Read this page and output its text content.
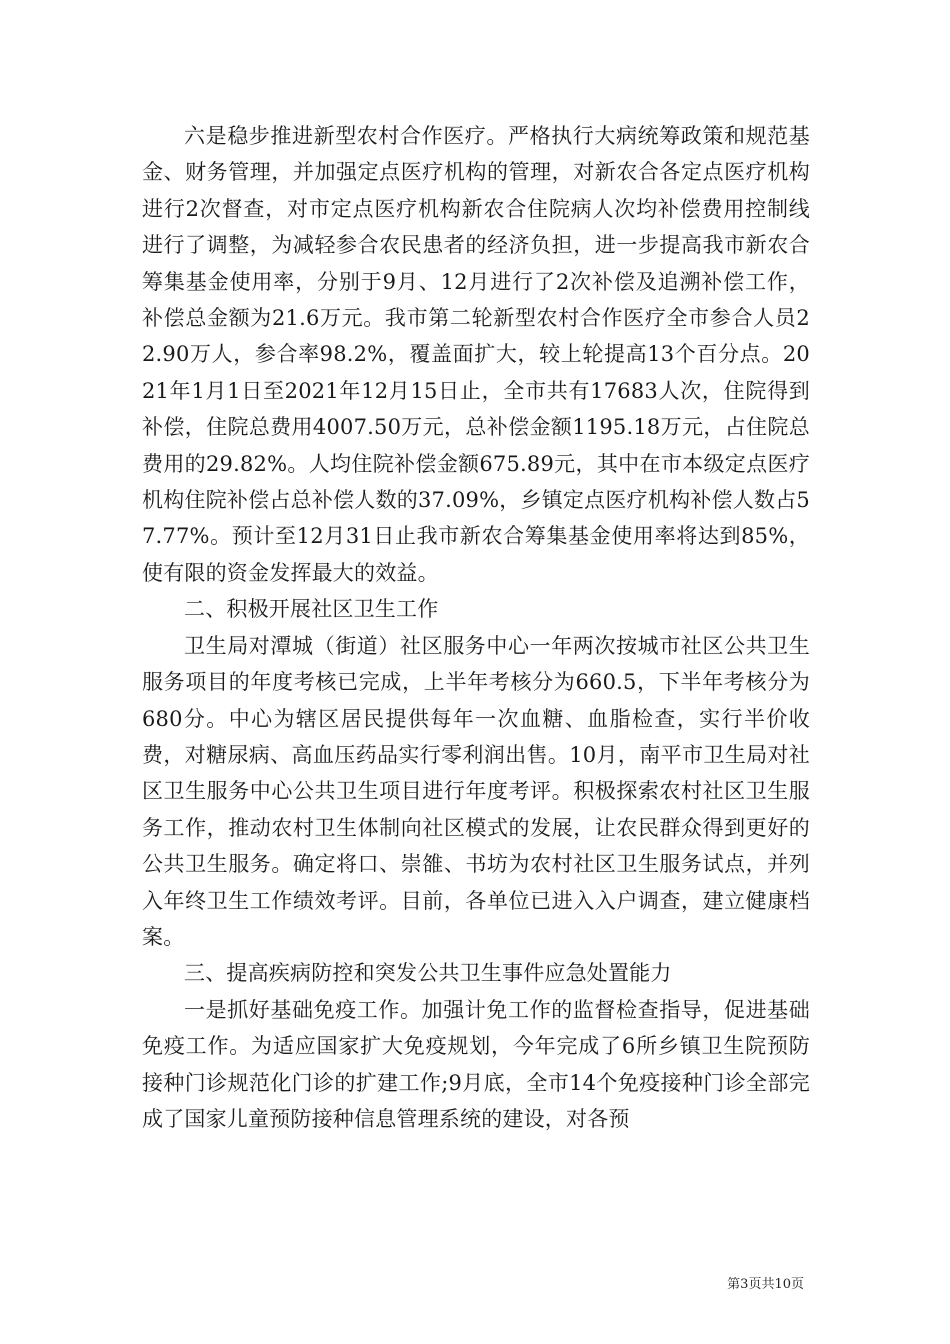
六是稳步推进新型农村合作医疗。严格执行大病统筹政策和规范基金、财务管理，并加强定点医疗机构的管理，对新农合各定点医疗机构进行2次督查，对市定点医疗机构新农合住院病人次均补偿费用控制线进行了调整，为减轻参合农民患者的经济负担，进一步提高我市新农合筹集基金使用率，分别于9月、12月进行了2次补偿及追溯补偿工作，补偿总金额为21.6万元。我市第二轮新型农村合作医疗全市参合人员22.90万人，参合率98.2%，覆盖面扩大，较上轮提高13个百分点。2021年1月1日至2021年12月15日止，全市共有17683人次，住院得到补偿，住院总费用4007.50万元，总补偿金额1195.18万元，占住院总费用的29.82%。人均住院补偿金额675.89元，其中在市本级定点医疗机构住院补偿占总补偿人数的37.09%，乡镇定点医疗机构补偿人数占57.77%。预计至12月31日止我市新农合筹集基金使用率将达到85%，使有限的资金发挥最大的效益。

二、积极开展社区卫生工作

卫生局对潭城（街道）社区服务中心一年两次按城市社区公共卫生服务项目的年度考核已完成，上半年考核分为660.5，下半年考核分为680分。中心为辖区居民提供每年一次血糖、血脂检查，实行半价收费，对糖尿病、高血压药品实行零利润出售。10月，南平市卫生局对社区卫生服务中心公共卫生项目进行年度考评。积极探索农村社区卫生服务工作，推动农村卫生体制向社区模式的发展，让农民群众得到更好的公共卫生服务。确定将口、崇雒、书坊为农村社区卫生服务试点，并列入年终卫生工作绩效考评。目前，各单位已进入入户调查，建立健康档案。

三、提高疾病防控和突发公共卫生事件应急处置能力

一是抓好基础免疫工作。加强计免工作的监督检查指导，促进基础免疫工作。为适应国家扩大免疫规划，今年完成了6所乡镇卫生院预防接种门诊规范化门诊的扩建工作;9月底，全市14个免疫接种门诊全部完成了国家儿童预防接种信息管理系统的建设，对各预

第3页共10页
